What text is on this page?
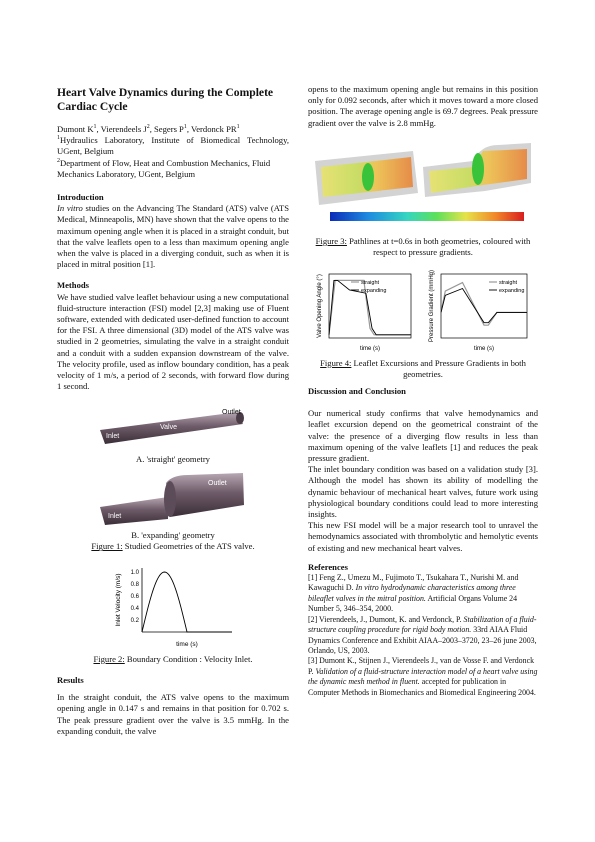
Heart Valve Dynamics during the Complete Cardiac Cycle

Dumont $K^1$, Vierendeels $J^2$, Segers $P^1$, Verdonck $PR^1$

$^1$Hydraulics Laboratory, Institute of Biomedical Technology, UGent, Belgium

$^2$Department of Flow, Heat and Combustion Mechanics, Fluid Mechanics Laboratory, UGent, Belgium

Introduction

In vitro studies on the Advancing The Standard (ATS) valve (ATS Medical, Minneapolis, MN) have shown that the valve opens to the maximum opening angle when it is placed in a straight conduit, but that the valve leaflets open to a less than maximum opening angle when the valve is placed in a diverging conduit, such as when it is placed in mitral position [1].

Methods

We have studied valve leaflet behaviour using a new computational fluid-structure interaction (FSI) model [2,3] making use of Fluent software, extended with dedicated user-defined function to account for the FSI. A three dimensional (3D) model of the ATS valve was studied in 2 geometries, simulating the valve in a straight conduit and a conduit with a sudden expansion downstream of the valve. The velocity profile, used as inflow boundary condition, has a peak velocity of 1 m/s, a period of 2 seconds, with forward flow during 1 second.

Inlet
Valve
Outlet
A. 'straight' geometry
Inlet
Outlet
B. 'expanding' geometry
Figure 1: Studied Geometries of the ATS valve.
1.0
0.8
0.6
0.4
0.2
time (s)
Inlet Velocity (m/s)
Figure 2: Boundary Condition : Velocity Inlet.
Results

In the straight conduit, the ATS valve opens to the maximum opening angle in 0.147 s and remains in that position for 0.702 s. The peak pressure gradient over the valve is 3.5 mmHg. In the expanding conduit, the valve

opens to the maximum opening angle but remains in this position only for 0.092 seconds, after which it moves toward a more closed position. The average opening angle is 69.7 degrees. Peak pressure gradient over the valve is 2.8 mmHg.

Figure 3: Pathlines at t=0.6s in both geometries, coloured with respect to pressure gradients.
time (s)
Valve Opening Angle (°)	straight
expanding
time (s)
Pressure Gradient (mmHg)	straight
expanding
Figure 4: Leaflet Excursions and Pressure Gradients in both geometries.
Discussion and Conclusion

Our numerical study confirms that valve hemodynamics and leaflet excursion depend on the geometrical constraint of the valve: the presence of a diverging flow results in less than maximum opening of the valve leaflets [1] and reduces the peak pressure gradient.

The inlet boundary condition was based on a validation study [3]. Although the model has shown its ability of modelling the dynamic behaviour of mechanical heart valves, future work using physiological boundary conditions could lead to more interesting insights.

This new FSI model will be a major research tool to unravel the hemodynamics associated with thrombolytic and hemolytic events of existing and new mechanical heart valves.

References

[1] Feng Z., Umezu M., Fujimoto T., Tsukahara T., Nurishi M. and Kawaguchi D. In vitro hydrodynamic characteristics among three bileaflet valves in the mitral position. Artificial Organs Volume 24 Number 5, 346–354, 2000.

[2] Vierendeels, J., Dumont, K. and Verdonck, P. Stabilization of a fluid-structure coupling procedure for rigid body motion. 33rd AIAA Fluid Dynamics Conference and Exhibit AIAA–2003–3720, 23–26 june 2003, Orlando, US, 2003.

[3] Dumont K., Stijnen J., Vierendeels J., van de Vosse F. and Verdonck P. Validation of a fluid-structure interaction model of a heart valve using the dynamic mesh method in fluent. accepted for publication in Computer Methods in Biomechanics and Biomedical Engineering 2004.
